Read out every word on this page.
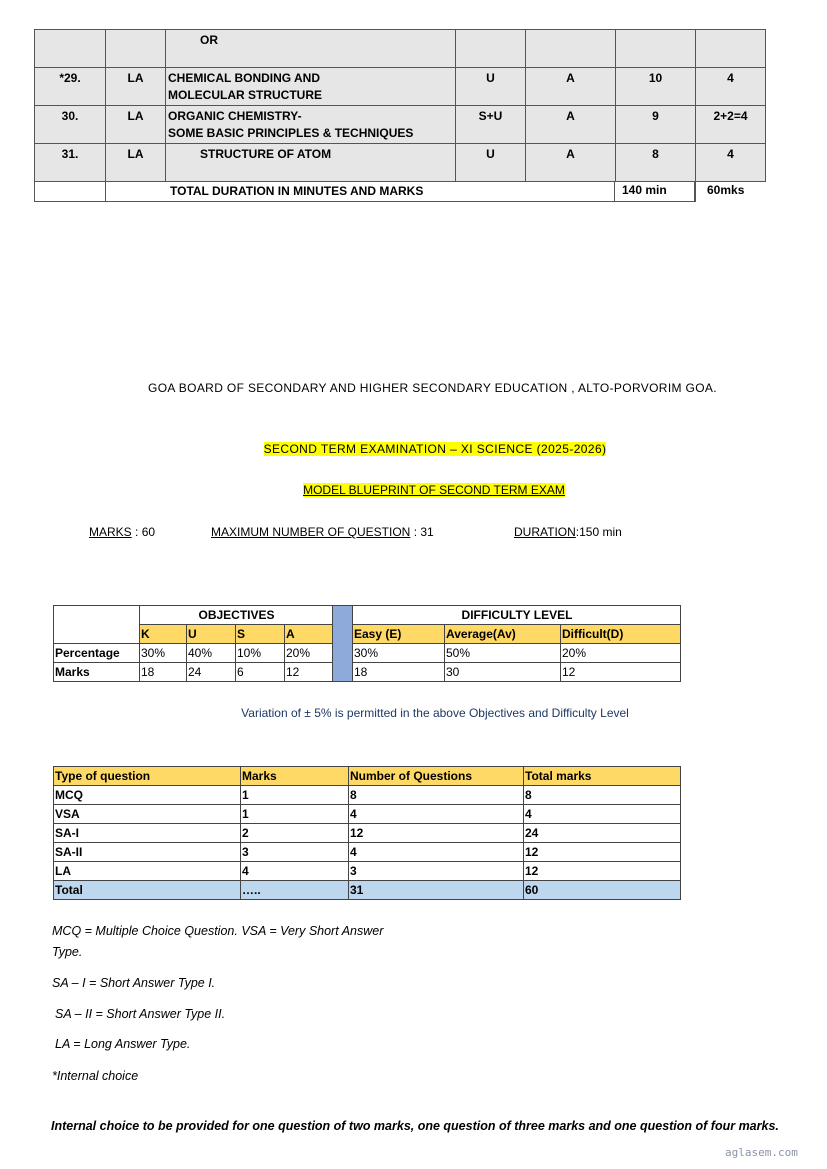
		OR				
*29.	LA	CHEMICAL BONDING AND
MOLECULAR STRUCTURE	U	A	10	4
30.	LA	ORGANIC CHEMISTRY-
SOME BASIC PRINCIPLES & TECHNIQUES	S+U	A	9	2+2=4
31.	LA	STRUCTURE OF ATOM	U	A	8	4
	TOTAL DURATION IN MINUTES AND MARKS					140 min	60mks
GOA BOARD OF SECONDARY AND HIGHER SECONDARY EDUCATION , ALTO-PORVORIM GOA.
SECOND TERM EXAMINATION – XI SCIENCE (2025-2026)
MODEL BLUEPRINT OF SECOND TERM EXAM
MARKS : 60	MAXIMUM NUMBER OF QUESTION : 31	DURATION:150 min
	OBJECTIVES					DIFFICULTY LEVEL		
	K	U	S	A		Easy (E)	Average(Av)	Difficult(D)
Percentage	30%	40%	10%	20%		30%	50%	20%
Marks	18	24	6	12		18	30	12
Variation of ± 5% is permitted in the above Objectives and Difficulty Level
Type of question	Marks	Number of Questions	Total marks
MCQ	1	8	8
VSA	1	4	4
SA-I	2	12	24
SA-II	3	4	12
LA	4	3	12
Total	…..	31	60
MCQ = Multiple Choice Question. VSA = Very Short Answer
Type.
SA – I = Short Answer Type I.
SA – II = Short Answer Type II.
LA = Long Answer Type.
*Internal choice
Internal choice to be provided for one question of two marks, one question of three marks and one question of four marks.
aglasem.com
